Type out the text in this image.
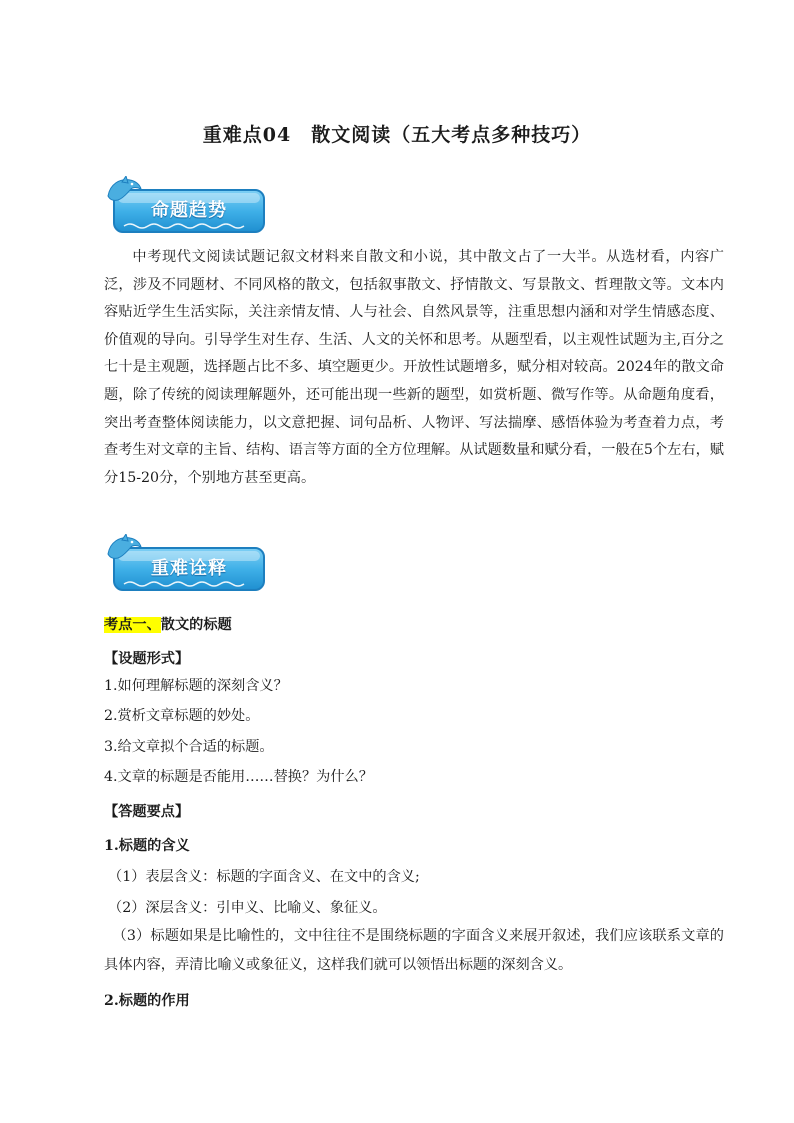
重难点04　散文阅读（五大考点多种技巧）
命题趋势

中考现代文阅读试题记叙文材料来自散文和小说，其中散文占了一大半。从选材看，内容广泛，涉及不同题材、不同风格的散文，包括叙事散文、抒情散文、写景散文、哲理散文等。文本内容贴近学生生活实际，关注亲情友情、人与社会、自然风景等，注重思想内涵和对学生情感态度、价值观的导向。引导学生对生存、生活、人文的关怀和思考。从题型看，以主观性试题为主,百分之七十是主观题，选择题占比不多、填空题更少。开放性试题增多，赋分相对较高。2024年的散文命题，除了传统的阅读理解题外，还可能出现一些新的题型，如赏析题、微写作等。从命题角度看，突出考查整体阅读能力，以文意把握、词句品析、人物评、写法揣摩、感悟体验为考查着力点，考查考生对文章的主旨、结构、语言等方面的全方位理解。从试题数量和赋分看，一般在5个左右，赋分15-20分，个别地方甚至更高。

重难诠释
考点一、散文的标题
【设题形式】
1.如何理解标题的深刻含义？
2.赏析文章标题的妙处。
3.给文章拟个合适的标题。
4.文章的标题是否能用……替换？为什么？
【答题要点】
1.标题的含义
（1）表层含义：标题的字面含义、在文中的含义;
（2）深层含义：引申义、比喻义、象征义。

（3）标题如果是比喻性的，文中往往不是围绕标题的字面含义来展开叙述，我们应该联系文章的具体内容，弄清比喻义或象征义，这样我们就可以领悟出标题的深刻含义。

2.标题的作用
